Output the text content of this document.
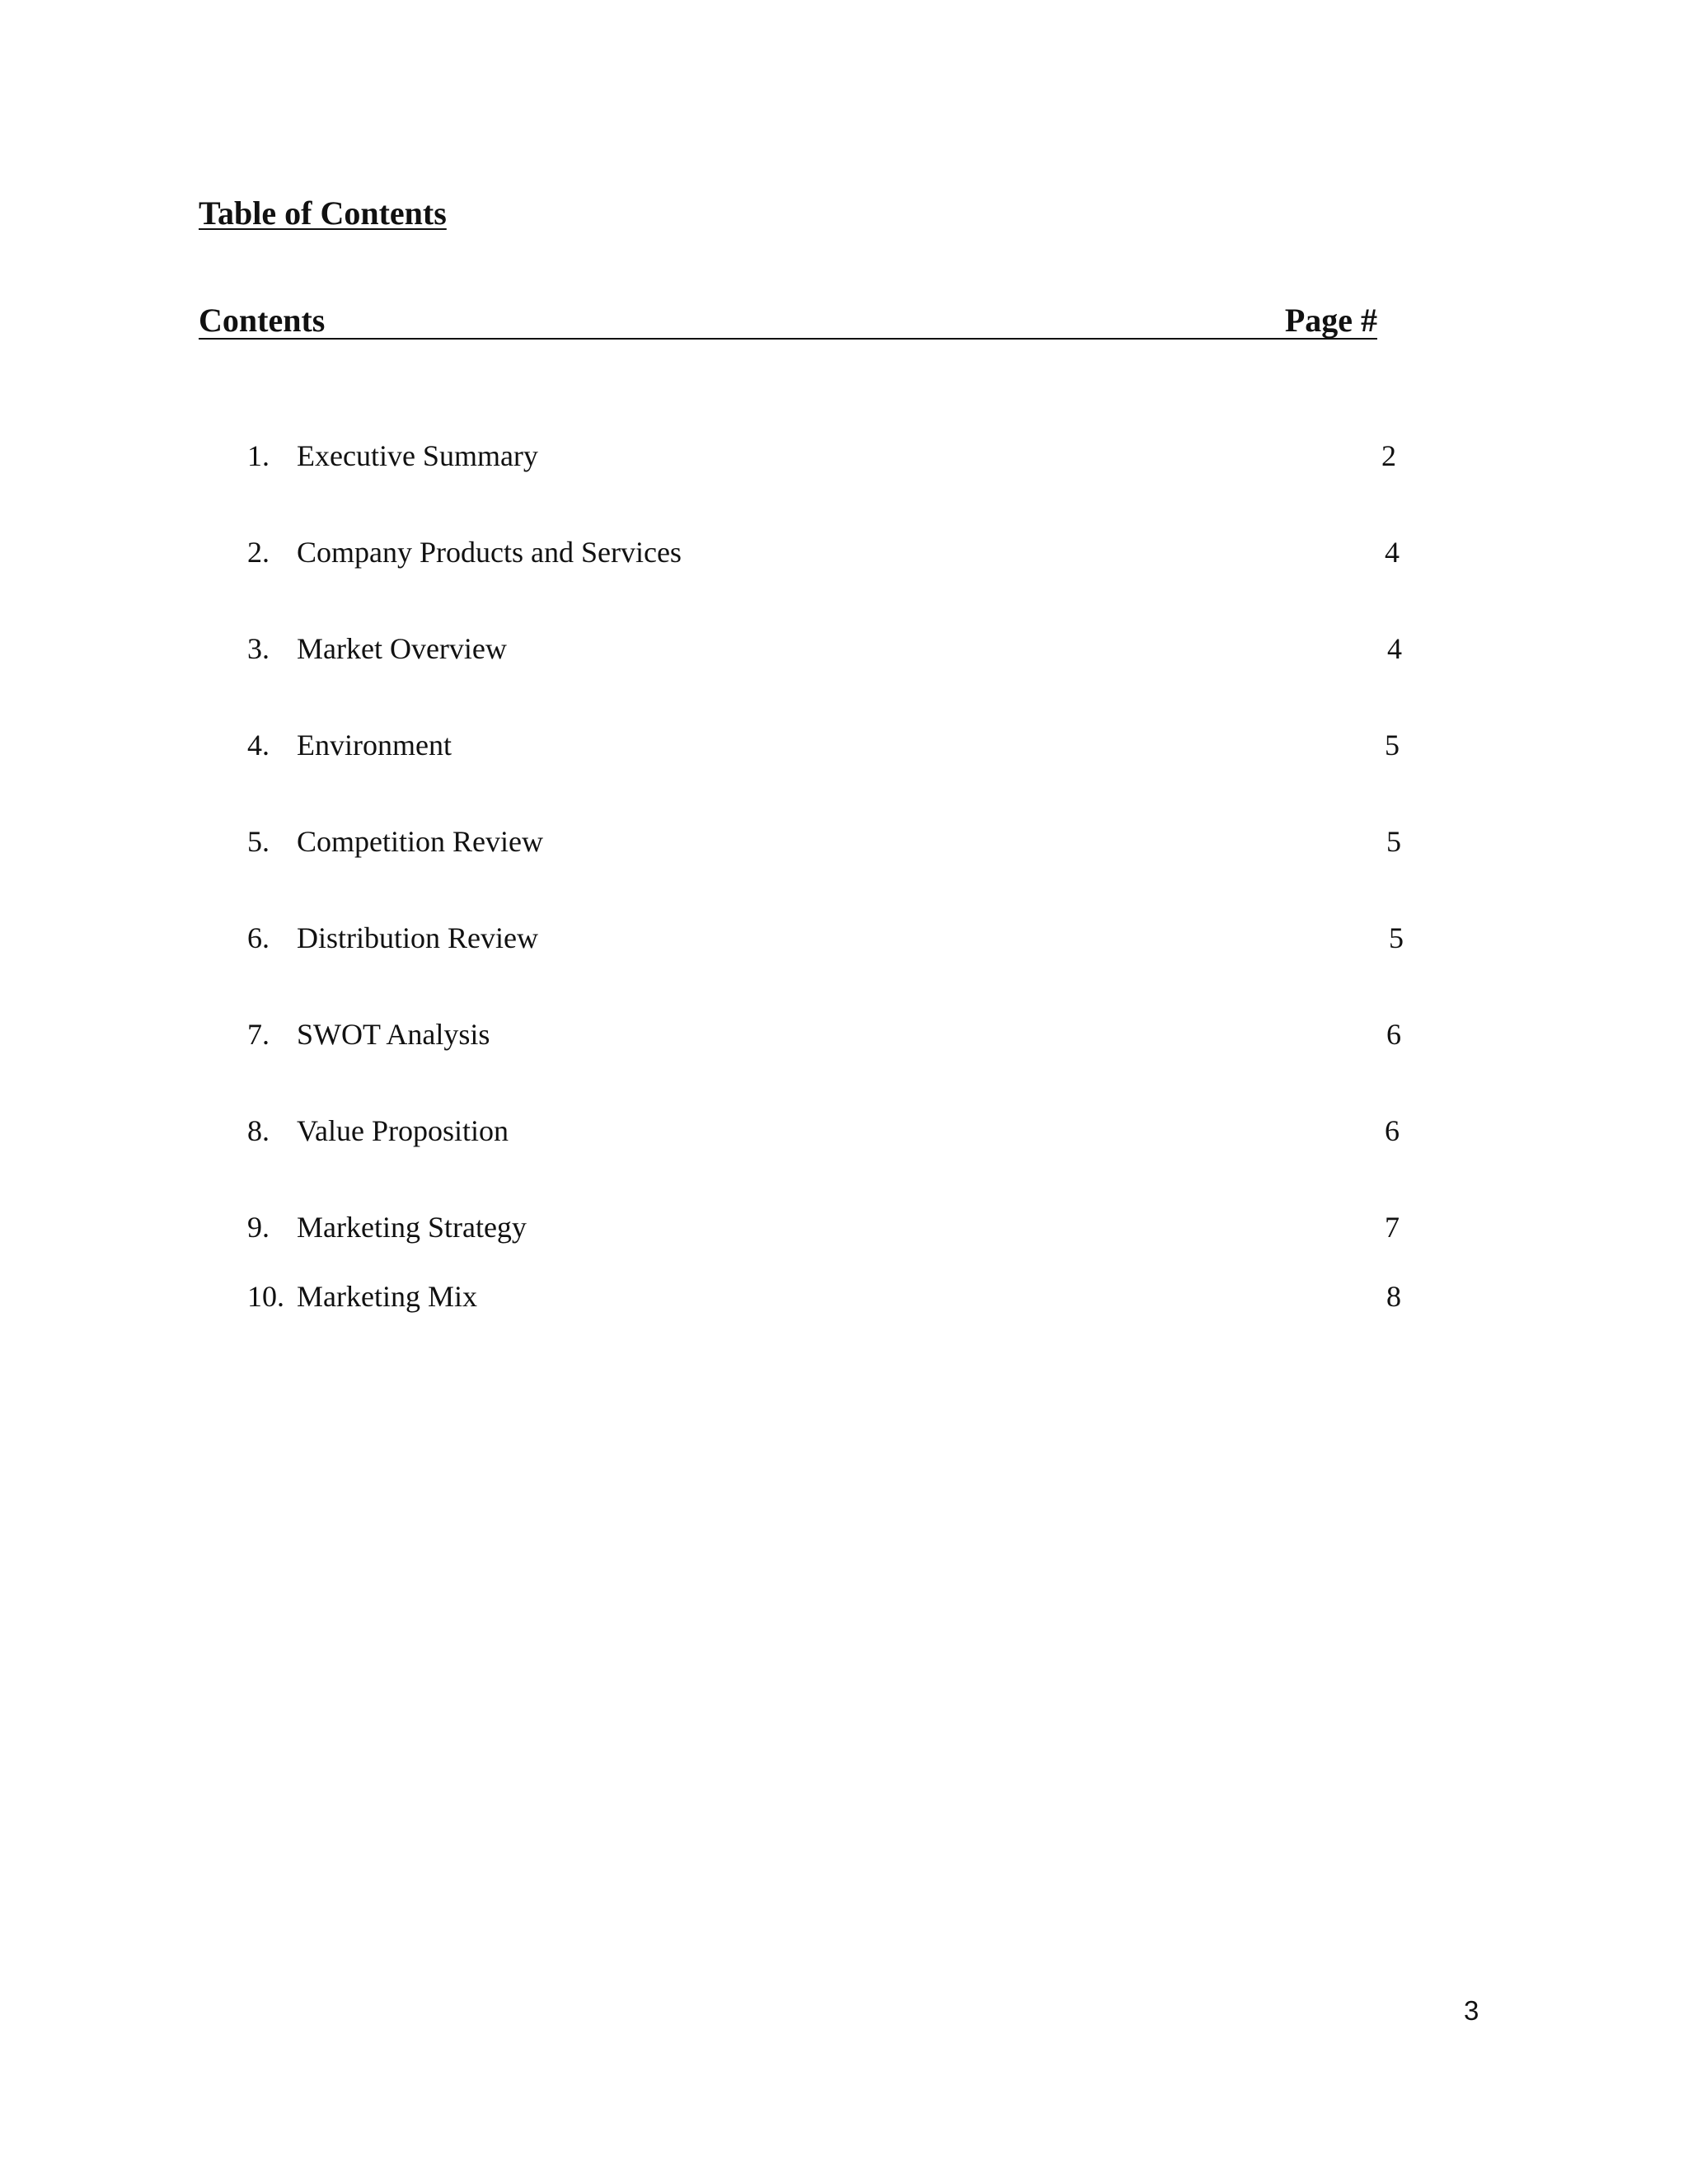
Table of Contents
Contents	Page #
1. Executive Summary	2
2. Company Products and Services	4
3. Market Overview	4
4. Environment	5
5. Competition Review	5
6. Distribution Review	5
7. SWOT Analysis	6
8. Value Proposition	6
9. Marketing Strategy	7
10. Marketing Mix	8
3
